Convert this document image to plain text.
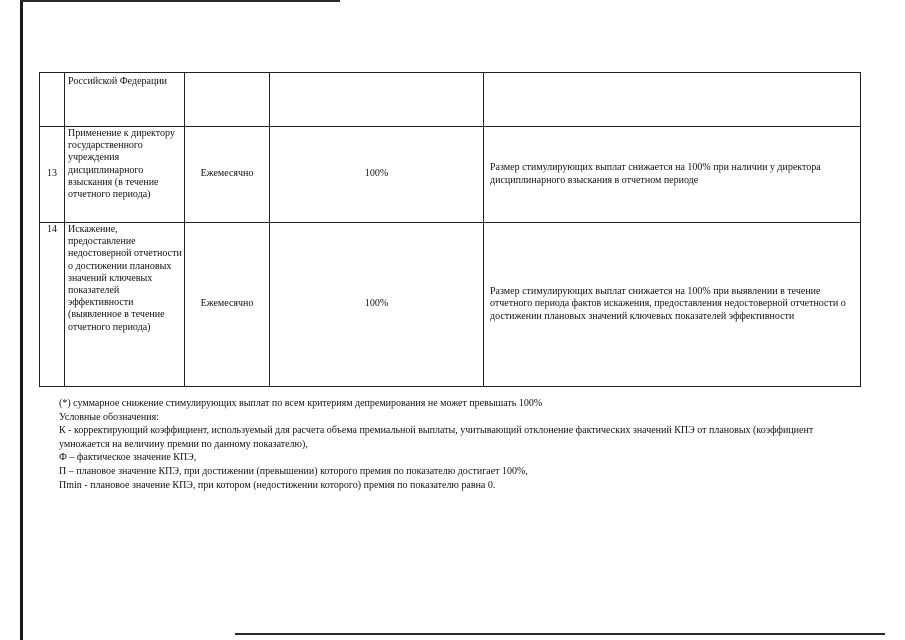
	Российской Федерации			
13	Применение к директору государственного учреждения дисциплинарного взыскания (в течение отчетного периода)	Ежемесячно	100%	Размер стимулирующих выплат снижается на 100% при наличии у директора дисциплинарного взыскания в отчетном периоде
14	Искажение, предоставление недостоверной отчетности о достижении плановых значений ключевых показателей эффективности (выявленное в течение отчетного периода)	Ежемесячно	100%	Размер стимулирующих выплат снижается на 100% при выявлении в течение отчетного периода фактов искажения, предоставления недостоверной отчетности о достижении плановых значений ключевых показателей эффективности

(*) суммарное снижение стимулирующих выплат по всем критериям депремирования не может превышать 100%

Условные обозначения:

К - корректирующий коэффициент, используемый для расчета объема премиальной выплаты, учитывающий отклонение фактических значений КПЭ от плановых (коэффициент умножается на величину премии по данному показателю),

Ф – фактическое значение КПЭ,

П – плановое значение КПЭ, при достижении (превышении) которого премия по показателю достигает 100%,

Пmin - плановое значение КПЭ, при котором (недостижении которого) премия по показателю равна 0.
